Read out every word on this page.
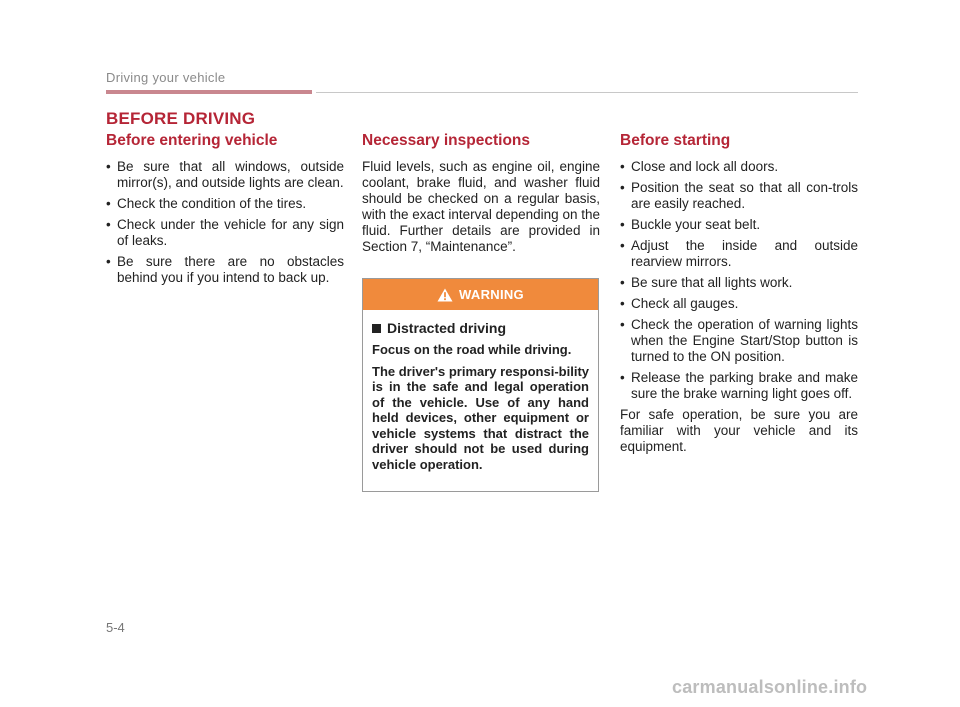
Driving your vehicle
BEFORE DRIVING
Before entering vehicle
• Be sure that all windows, outside mirror(s), and outside lights are clean.
• Check the condition of the tires.
• Check under the vehicle for any sign of leaks.
• Be sure there are no obstacles behind you if you intend to back up.
Necessary inspections

Fluid levels, such as engine oil, engine coolant, brake fluid, and washer fluid should be checked on a regular basis, with the exact interval depending on the fluid. Further details are provided in Section 7, “Maintenance”.

WARNING
Distracted driving

Focus on the road while driving.

The driver's primary responsi-bility is in the safe and legal operation of the vehicle. Use of any hand held devices, other equipment or vehicle systems that distract the driver should not be used during vehicle operation.

Before starting
• Close and lock all doors.
• Position the seat so that all con-trols are easily reached.
• Buckle your seat belt.
• Adjust the inside and outside rearview mirrors.
• Be sure that all lights work.
• Check all gauges.
• Check the operation of warning lights when the Engine Start/Stop button is turned to the ON position.
• Release the parking brake and make sure the brake warning light goes off.

For safe operation, be sure you are familiar with your vehicle and its equipment.

5-4
carmanualsonline.info
